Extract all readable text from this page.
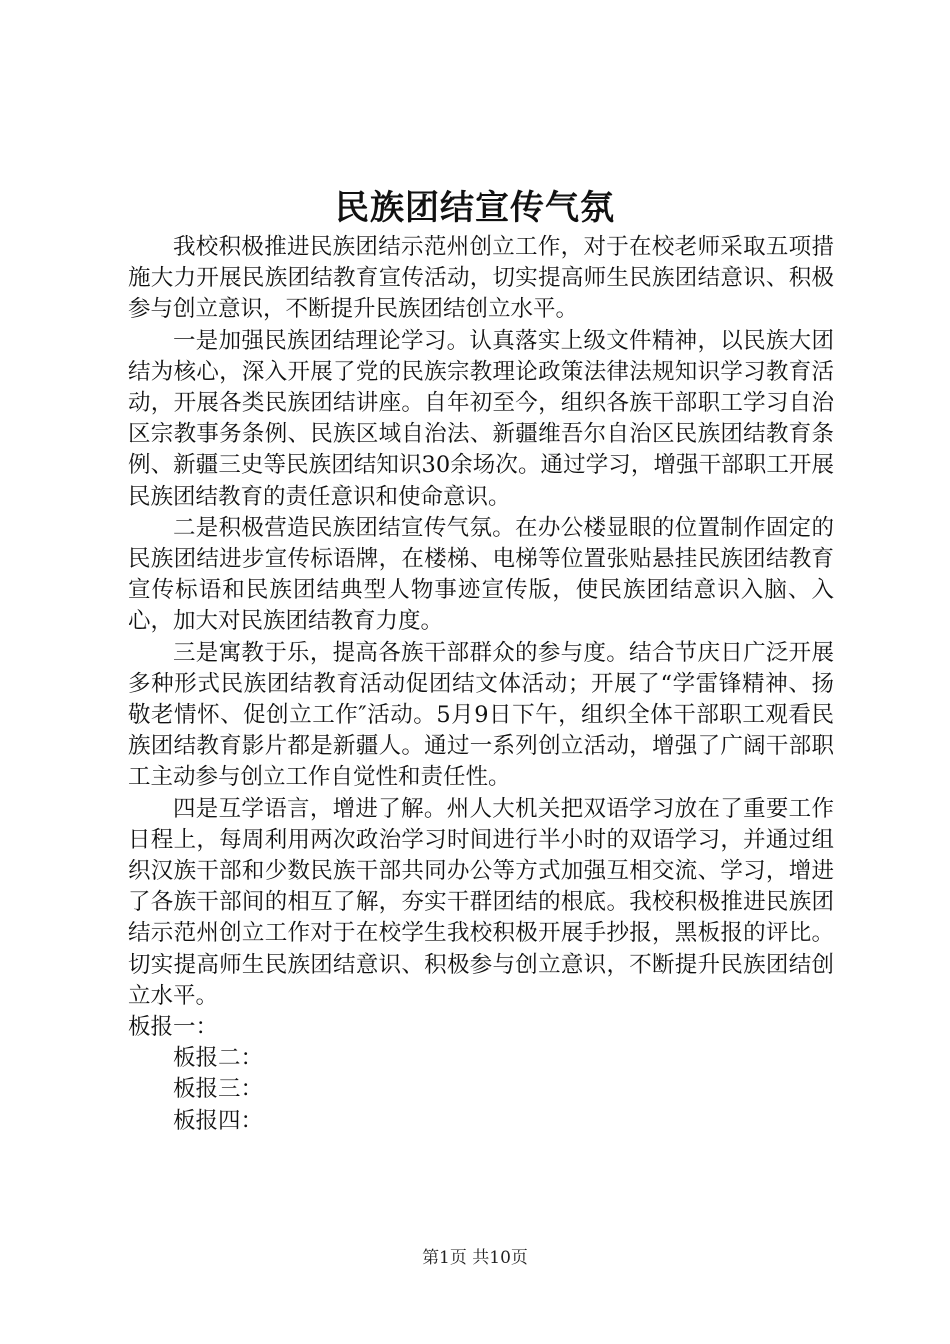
民族团结宣传气氛

我校积极推进民族团结示范州创立工作，对于在校老师采取五项措施大力开展民族团结教育宣传活动，切实提高师生民族团结意识、积极参与创立意识，不断提升民族团结创立水平。

一是加强民族团结理论学习。认真落实上级文件精神，以民族大团结为核心，深入开展了党的民族宗教理论政策法律法规知识学习教育活动，开展各类民族团结讲座。自年初至今，组织各族干部职工学习自治区宗教事务条例、民族区域自治法、新疆维吾尔自治区民族团结教育条例、新疆三史等民族团结知识30余场次。通过学习，增强干部职工开展民族团结教育的责任意识和使命意识。

二是积极营造民族团结宣传气氛。在办公楼显眼的位置制作固定的民族团结进步宣传标语牌，在楼梯、电梯等位置张贴悬挂民族团结教育宣传标语和民族团结典型人物事迹宣传版，使民族团结意识入脑、入心，加大对民族团结教育力度。

三是寓教于乐，提高各族干部群众的参与度。结合节庆日广泛开展多种形式民族团结教育活动促团结文体活动；开展了“学雷锋精神、扬敬老情怀、促创立工作″活动。5月9日下午，组织全体干部职工观看民族团结教育影片都是新疆人。通过一系列创立活动，增强了广阔干部职工主动参与创立工作自觉性和责任性。

四是互学语言，增进了解。州人大机关把双语学习放在了重要工作日程上，每周利用两次政治学习时间进行半小时的双语学习，并通过组织汉族干部和少数民族干部共同办公等方式加强互相交流、学习，增进了各族干部间的相互了解，夯实干群团结的根底。我校积极推进民族团结示范州创立工作对于在校学生我校积极开展手抄报，黑板报的评比。切实提高师生民族团结意识、积极参与创立意识，不断提升民族团结创立水平。

板报一：

板报二：

板报三：

板报四：

第1页 共10页
